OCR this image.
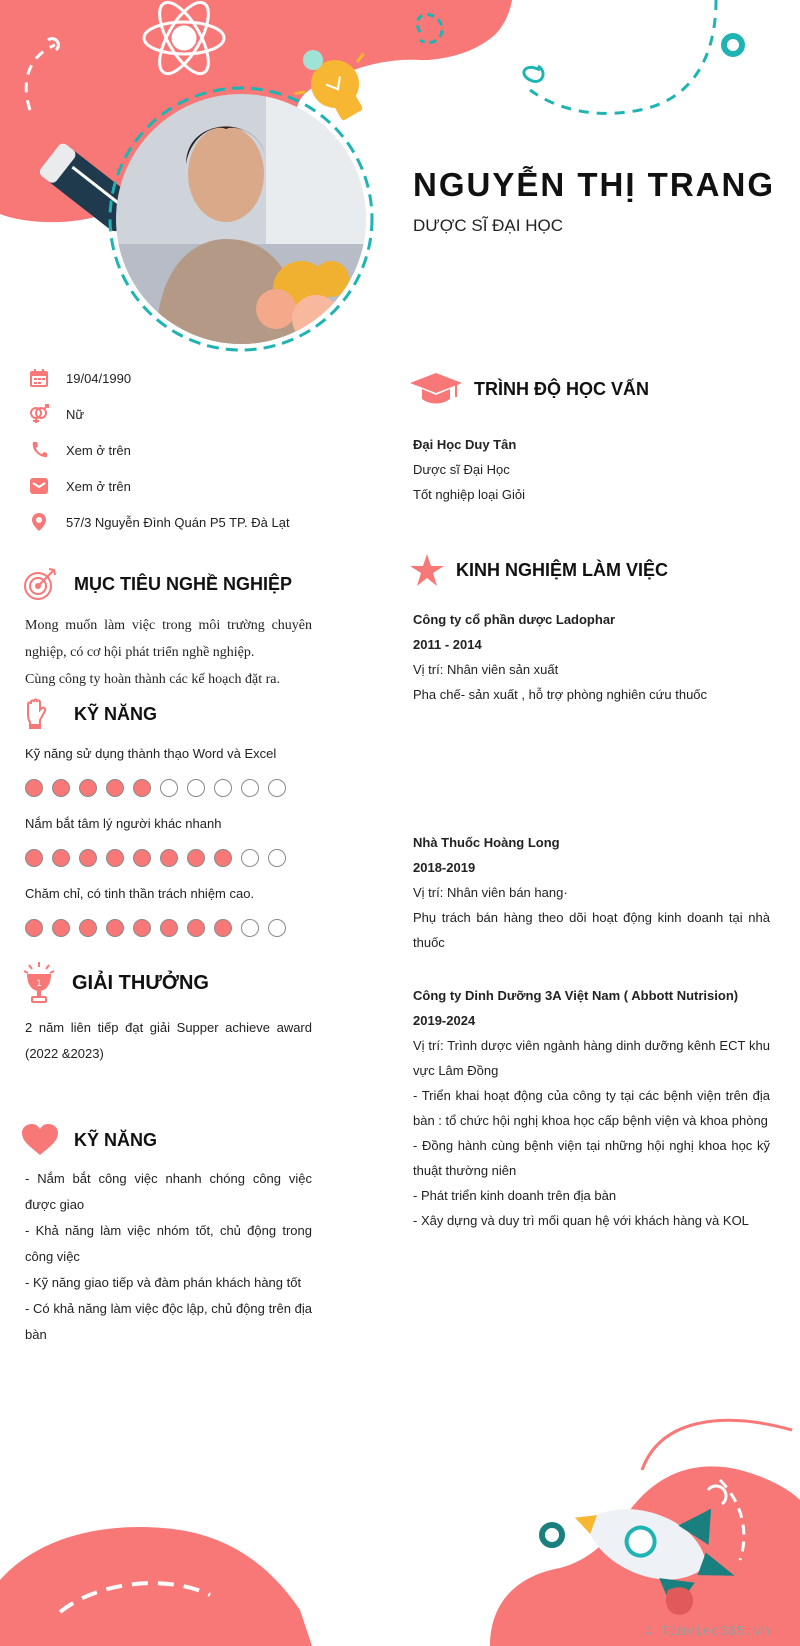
NGUYỄN THỊ TRANG
DƯỢC SĨ ĐẠI HỌC
19/04/1990
Nữ
Xem ở trên
Xem ở trên
57/3 Nguyễn Đình Quán P5 TP. Đà Lạt
MỤC TIÊU NGHỀ NGHIỆP
Mong muốn làm việc trong môi trường chuyên nghiệp, có cơ hội phát triển nghề nghiệp.
Cùng công ty hoàn thành các kế hoạch đặt ra.
KỸ NĂNG
Kỹ năng sử dụng thành thạo Word và Excel
Nắm bắt tâm lý người khác nhanh
Chăm chỉ, có tinh thần trách nhiệm cao.
1 GIẢI THƯỞNG
2 năm liên tiếp đạt giải Supper achieve award (2022 &2023)
KỸ NĂNG
- Nắm bắt công việc nhanh chóng công việc được giao
- Khả năng làm việc nhóm tốt, chủ động trong công việc
- Kỹ năng giao tiếp và đàm phán khách hàng tốt
- Có khả năng làm việc độc lập, chủ động trên địa bàn
TRÌNH ĐỘ HỌC VẤN
Đại Học Duy Tân
Dược sĩ Đại Học
Tốt nghiệp loại Giỏi
KINH NGHIỆM LÀM VIỆC
Công ty cổ phần dược Ladophar
2011 - 2014
Vị trí: Nhân viên sản xuất
Pha chế- sản xuất , hỗ trợ phòng nghiên cứu thuốc
Nhà Thuốc Hoàng Long
2018-2019
Vị trí: Nhân viên bán hang·
Phụ trách bán hàng theo dõi hoạt động kinh doanh tại nhà thuốc
Công ty Dinh Dưỡng 3A Việt Nam ( Abbott Nutrision)
2019-2024
Vị trí: Trình dược viên ngành hàng dinh dưỡng kênh ECT khu vực Lâm Đồng
- Triển khai hoạt động của công ty tại các bệnh viện trên địa bàn : tổ chức hội nghị khoa học cấp bệnh viện và khoa phòng
- Đồng hành cùng bệnh viện tại những hội nghị khoa học kỹ thuật thường niên
- Phát triển kinh doanh trên địa bàn
- Xây dựng và duy trì mối quan hệ với khách hàng và KOL
∴ Timviec365.vn
